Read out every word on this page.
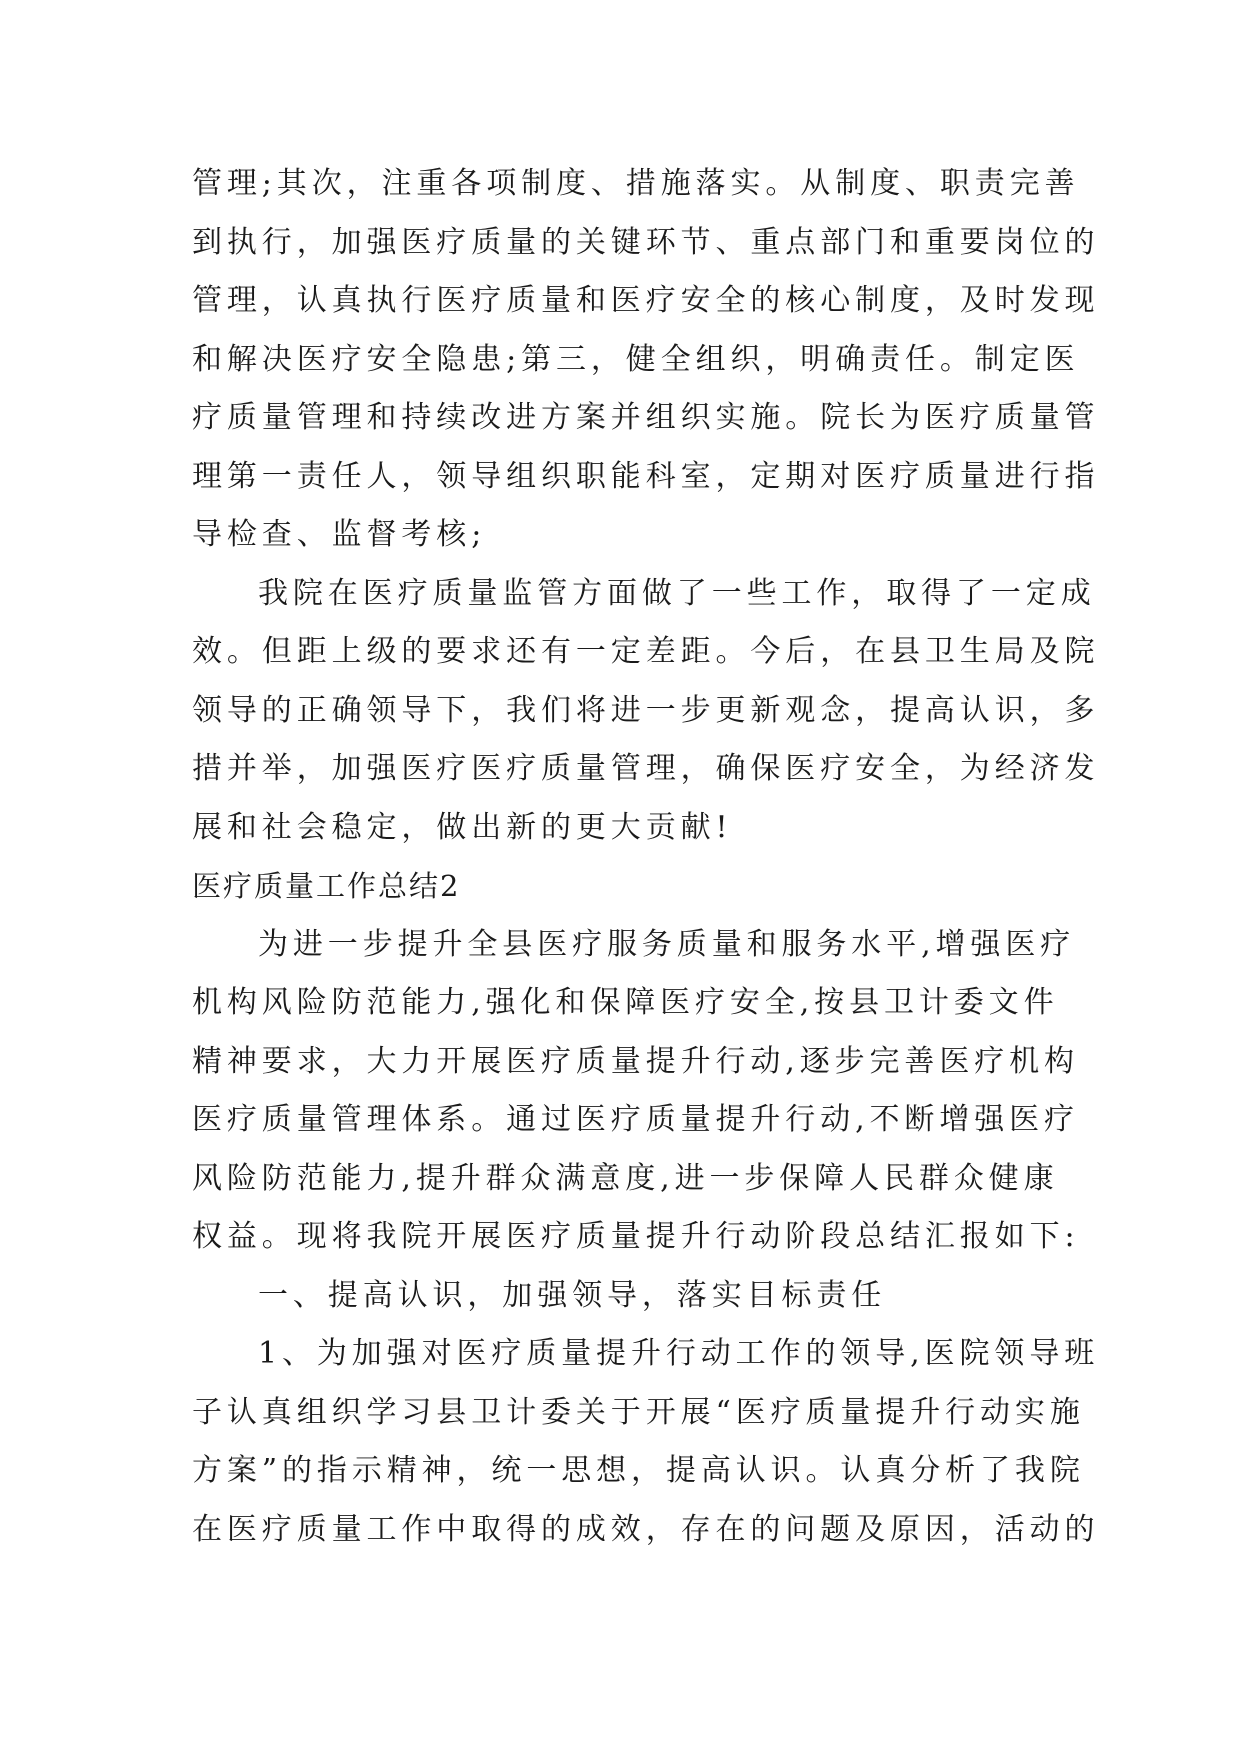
管理;其次，注重各项制度、措施落实。从制度、职责完善
到执行，加强医疗质量的关键环节、重点部门和重要岗位的
管理，认真执行医疗质量和医疗安全的核心制度，及时发现
和解决医疗安全隐患;第三，健全组织，明确责任。制定医
疗质量管理和持续改进方案并组织实施。院长为医疗质量管
理第一责任人，领导组织职能科室，定期对医疗质量进行指
导检查、监督考核;
我院在医疗质量监管方面做了一些工作，取得了一定成
效。但距上级的要求还有一定差距。今后，在县卫生局及院
领导的正确领导下，我们将进一步更新观念，提高认识，多
措并举，加强医疗医疗质量管理，确保医疗安全，为经济发
展和社会稳定，做出新的更大贡献!
医疗质量工作总结2
为进一步提升全县医疗服务质量和服务水平,增强医疗
机构风险防范能力,强化和保障医疗安全,按县卫计委文件
精神要求，大力开展医疗质量提升行动,逐步完善医疗机构
医疗质量管理体系。通过医疗质量提升行动,不断增强医疗
风险防范能力,提升群众满意度,进一步保障人民群众健康
权益。现将我院开展医疗质量提升行动阶段总结汇报如下:
一、提高认识，加强领导，落实目标责任
1、为加强对医疗质量提升行动工作的领导,医院领导班
子认真组织学习县卫计委关于开展“医疗质量提升行动实施
方案”的指示精神，统一思想，提高认识。认真分析了我院
在医疗质量工作中取得的成效，存在的问题及原因，活动的
